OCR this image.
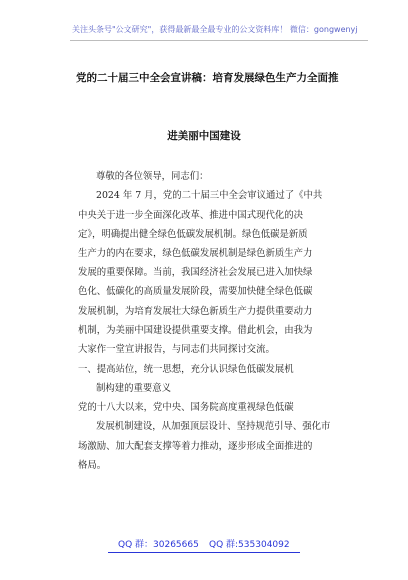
关注头条号"公文研究"，获得最新最全最专业的公文资料库！ 微信：gongwenyj
党的二十届三中全会宣讲稿：培育发展绿色生产力全面推
进美丽中国建设
尊敬的各位领导，同志们：
2024 年 7 月，党的二十届三中全会审议通过了《中共
中央关于进一步全面深化改革、推进中国式现代化的决
定》，明确提出健全绿色低碳发展机制。绿色低碳是新质
生产力的内在要求，绿色低碳发展机制是绿色新质生产力
发展的重要保障。当前，我国经济社会发展已进入加快绿
色化、低碳化的高质量发展阶段，需要加快健全绿色低碳
发展机制，为培育发展壮大绿色新质生产力提供重要动力
机制，为美丽中国建设提供重要支撑。借此机会，由我为
大家作一堂宣讲报告，与同志们共同探讨交流。
一、提高站位，统一思想，充分认识绿色低碳发展机
制构建的重要意义
党的十八大以来，党中央、国务院高度重视绿色低碳
发展机制建设，从加强顶层设计、坚持规范引导、强化市
场激励、加大配套支撑等着力推动，逐步形成全面推进的
格局。
QQ 群：30265665 QQ 群:535304092
